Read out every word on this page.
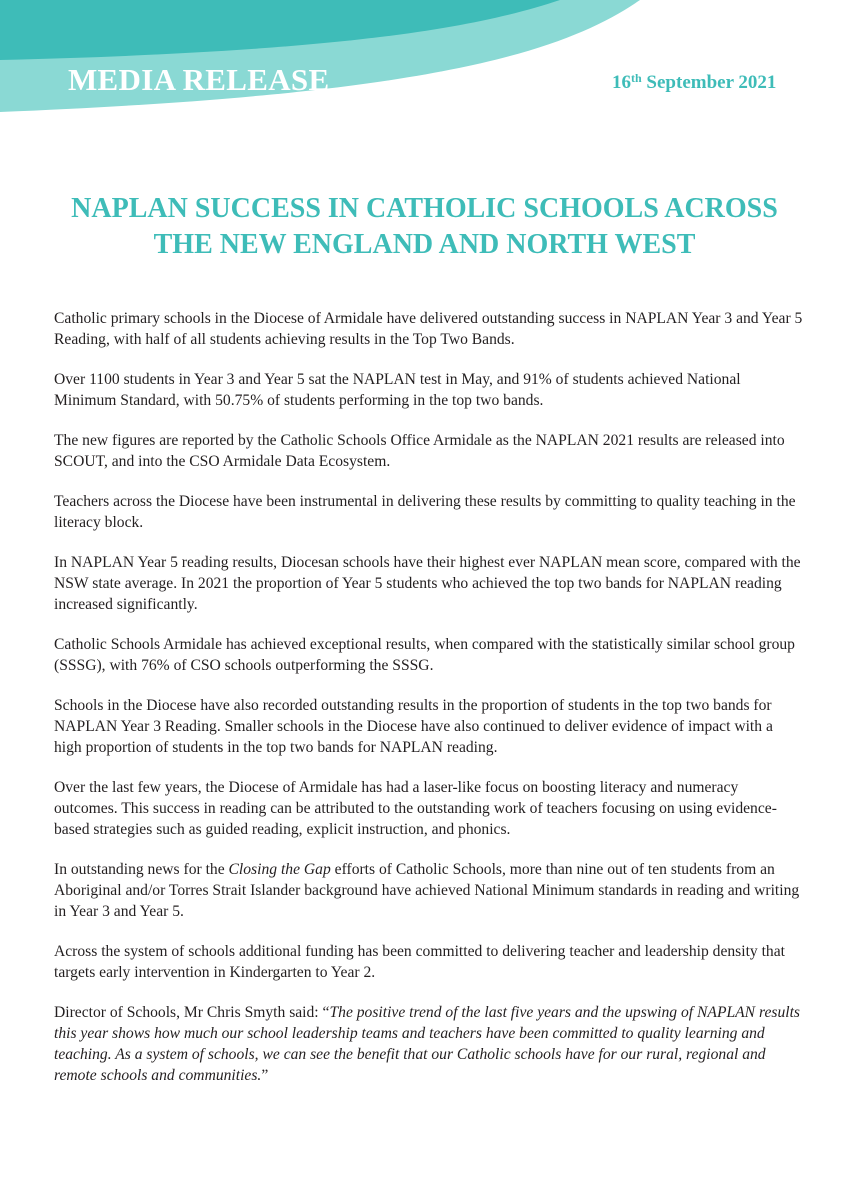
MEDIA RELEASE	16th September 2021
NAPLAN SUCCESS IN CATHOLIC SCHOOLS ACROSS
THE NEW ENGLAND AND NORTH WEST

Catholic primary schools in the Diocese of Armidale have delivered outstanding success in NAPLAN Year 3 and Year 5 Reading, with half of all students achieving results in the Top Two Bands.

Over 1100 students in Year 3 and Year 5 sat the NAPLAN test in May, and 91% of students achieved National Minimum Standard, with 50.75% of students performing in the top two bands.

The new figures are reported by the Catholic Schools Office Armidale as the NAPLAN 2021 results are released into SCOUT, and into the CSO Armidale Data Ecosystem.

Teachers across the Diocese have been instrumental in delivering these results by committing to quality teaching in the literacy block.

In NAPLAN Year 5 reading results, Diocesan schools have their highest ever NAPLAN mean score, compared with the NSW state average. In 2021 the proportion of Year 5 students who achieved the top two bands for NAPLAN reading increased significantly.

Catholic Schools Armidale has achieved exceptional results, when compared with the statistically similar school group (SSSG), with 76% of CSO schools outperforming the SSSG.

Schools in the Diocese have also recorded outstanding results in the proportion of students in the top two bands for NAPLAN Year 3 Reading. Smaller schools in the Diocese have also continued to deliver evidence of impact with a high proportion of students in the top two bands for NAPLAN reading.

Over the last few years, the Diocese of Armidale has had a laser-like focus on boosting literacy and numeracy outcomes. This success in reading can be attributed to the outstanding work of teachers focusing on using evidence-based strategies such as guided reading, explicit instruction, and phonics.

In outstanding news for the Closing the Gap efforts of Catholic Schools, more than nine out of ten students from an Aboriginal and/or Torres Strait Islander background have achieved National Minimum standards in reading and writing in Year 3 and Year 5.

Across the system of schools additional funding has been committed to delivering teacher and leadership density that targets early intervention in Kindergarten to Year 2.

Director of Schools, Mr Chris Smyth said: “The positive trend of the last five years and the upswing of NAPLAN results this year shows how much our school leadership teams and teachers have been committed to quality learning and teaching. As a system of schools, we can see the benefit that our Catholic schools have for our rural, regional and remote schools and communities.”
